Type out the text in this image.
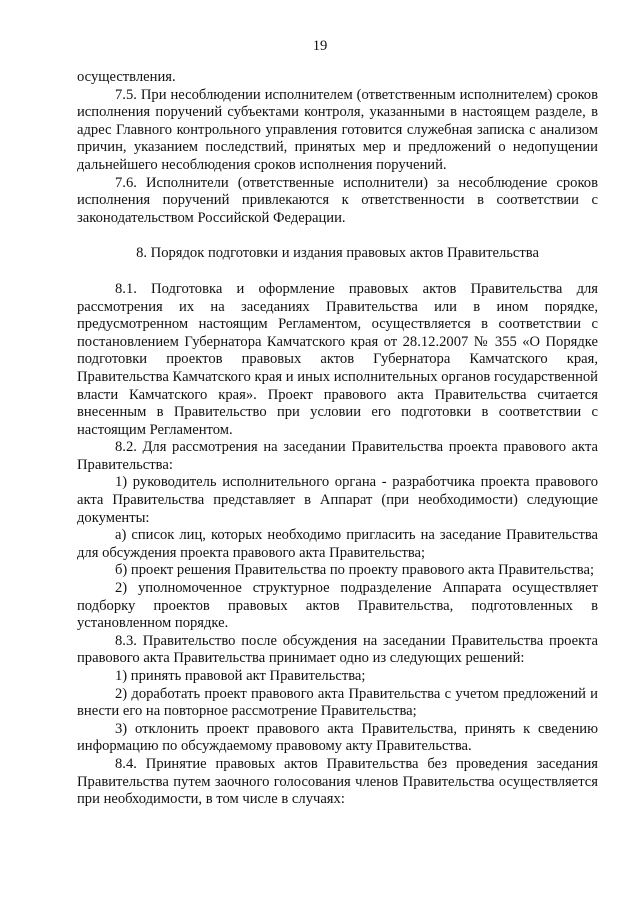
19

осуществления.

7.5. При несоблюдении исполнителем (ответственным исполнителем) сроков исполнения поручений субъектами контроля, указанными в настоящем разделе, в адрес Главного контрольного управления готовится служебная записка с анализом причин, указанием последствий, принятых мер и предложений о недопущении дальнейшего несоблюдения сроков исполнения поручений.

7.6. Исполнители (ответственные исполнители) за несоблюдение сроков исполнения поручений привлекаются к ответственности в соответствии с законодательством Российской Федерации.

8. Порядок подготовки и издания правовых актов Правительства

8.1. Подготовка и оформление правовых актов Правительства для рассмотрения их на заседаниях Правительства или в ином порядке, предусмотренном настоящим Регламентом, осуществляется в соответствии с постановлением Губернатора Камчатского края от 28.12.2007 № 355 «О Порядке подготовки проектов правовых актов Губернатора Камчатского края, Правительства Камчатского края и иных исполнительных органов государственной власти Камчатского края». Проект правового акта Правительства считается внесенным в Правительство при условии его подготовки в соответствии с настоящим Регламентом.

8.2. Для рассмотрения на заседании Правительства проекта правового акта Правительства:

1) руководитель исполнительного органа - разработчика проекта правового акта Правительства представляет в Аппарат (при необходимости) следующие документы:

а) список лиц, которых необходимо пригласить на заседание Правительства для обсуждения проекта правового акта Правительства;

б) проект решения Правительства по проекту правового акта Правительства;

2) уполномоченное структурное подразделение Аппарата осуществляет подборку проектов правовых актов Правительства, подготовленных в установленном порядке.

8.3. Правительство после обсуждения на заседании Правительства проекта правового акта Правительства принимает одно из следующих решений:

1) принять правовой акт Правительства;

2) доработать проект правового акта Правительства с учетом предложений и внести его на повторное рассмотрение Правительства;

3) отклонить проект правового акта Правительства, принять к сведению информацию по обсуждаемому правовому акту Правительства.

8.4. Принятие правовых актов Правительства без проведения заседания Правительства путем заочного голосования членов Правительства осуществляется при необходимости, в том числе в случаях:
